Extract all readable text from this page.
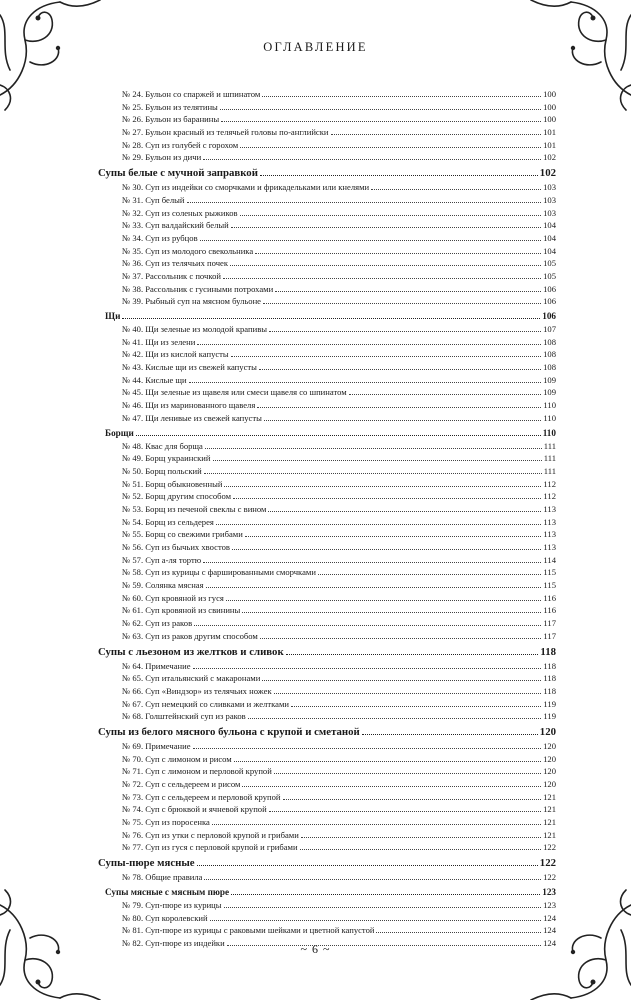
ОГЛАВЛЕНИЕ
№ 24. Бульон со спаржей и шпинатом	100
№ 25. Бульон из телятины	100
№ 26. Бульон из баранины	100
№ 27. Бульон красный из телячьей головы по-английски	101
№ 28. Суп из голубей с горохом	101
№ 29. Бульон из дичи	102
Супы белые с мучной заправкой	102
№ 30. Суп из индейки со сморчками и фрикадельками или кнелями	103
№ 31. Суп белый	103
№ 32. Суп из соленых рыжиков	103
№ 33. Суп валдайский белый	104
№ 34. Суп из рубцов	104
№ 35. Суп из молодого свекольника	104
№ 36. Суп из телячьих почек	105
№ 37. Рассольник с почкой	105
№ 38. Рассольник с гусиными потрохами	106
№ 39. Рыбный суп на мясном бульоне	106
Щи	106
№ 40. Щи зеленые из молодой крапивы	107
№ 41. Щи из зелени	108
№ 42. Щи из кислой капусты	108
№ 43. Кислые щи из свежей капусты	108
№ 44. Кислые щи	109
№ 45. Щи зеленые из щавеля или смеси щавеля со шпинатом	109
№ 46. Щи из маринованного щавеля	110
№ 47. Щи ленивые из свежей капусты	110
Борщи	110
№ 48. Квас для борща	111
№ 49. Борщ украинский	111
№ 50. Борщ польский	111
№ 51. Борщ обыкновенный	112
№ 52. Борщ другим способом	112
№ 53. Борщ из печеной свеклы с вином	113
№ 54. Борщ из сельдерея	113
№ 55. Борщ со свежими грибами	113
№ 56. Суп из бычьих хвостов	113
№ 57. Суп а-ля тортю	114
№ 58. Суп из курицы с фаршированными сморчками	115
№ 59. Солянка мясная	115
№ 60. Суп кровяной из гуся	116
№ 61. Суп кровяной из свинины	116
№ 62. Суп из раков	117
№ 63. Суп из раков другим способом	117
Супы с льезоном из желтков и сливок	118
№ 64. Примечание	118
№ 65. Суп итальянский с макаронами	118
№ 66. Суп «Виндзор» из телячьих ножек	118
№ 67. Суп немецкий со сливками и желтками	119
№ 68. Голштейнский суп из раков	119
Супы из белого мясного бульона с крупой и сметаной	120
№ 69. Примечание	120
№ 70. Суп с лимоном и рисом	120
№ 71. Суп с лимоном и перловой крупой	120
№ 72. Суп с сельдереем и рисом	120
№ 73. Суп с сельдереем и перловой крупой	121
№ 74. Суп с брюквой и ячневой крупой	121
№ 75. Суп из поросенка	121
№ 76. Суп из утки с перловой крупой и грибами	121
№ 77. Суп из гуся с перловой крупой и грибами	122
Супы-пюре мясные	122
№ 78. Общие правила	122
Супы мясные с мясным пюре	123
№ 79. Суп-пюре из курицы	123
№ 80. Суп королевский	124
№ 81. Суп-пюре из курицы с раковыми шейками и цветной капустой	124
№ 82. Суп-пюре из индейки	124
~ 6 ~
